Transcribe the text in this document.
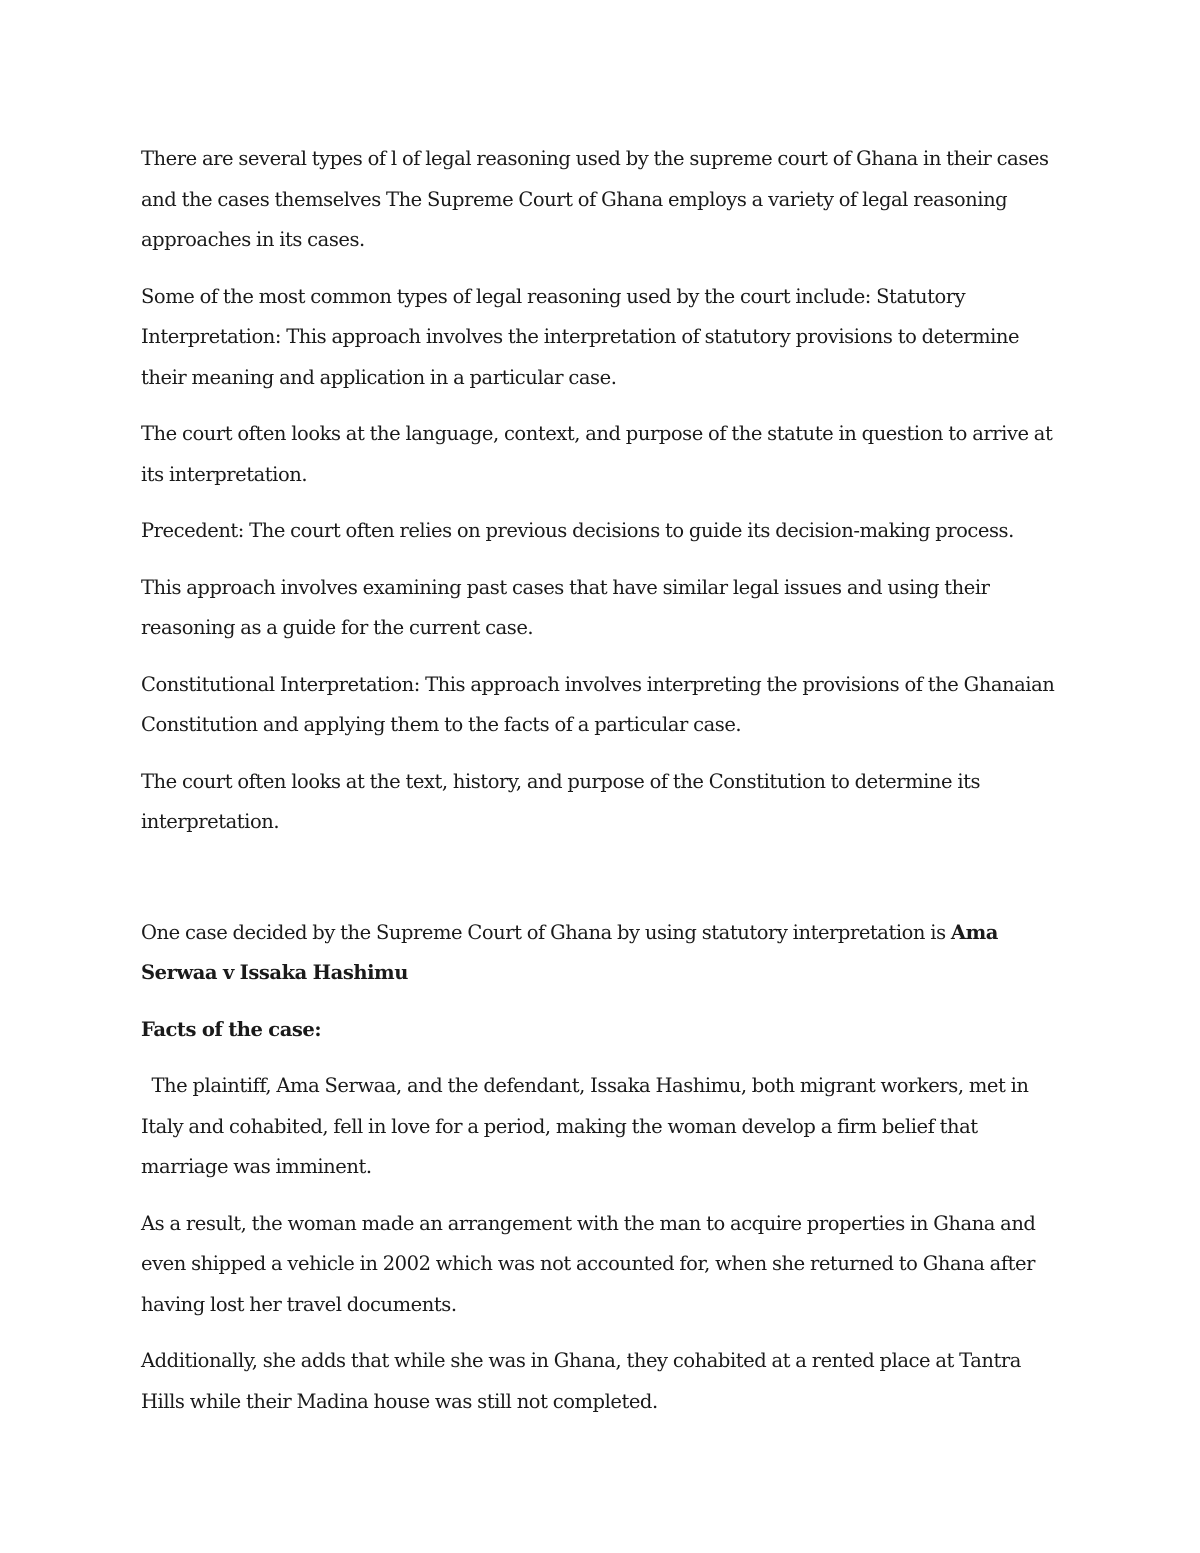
There are several types of l of legal reasoning used by the supreme court of Ghana in their cases and the cases themselves The Supreme Court of Ghana employs a variety of legal reasoning approaches in its cases.

Some of the most common types of legal reasoning used by the court include: Statutory Interpretation: This approach involves the interpretation of statutory provisions to determine their meaning and application in a particular case.

The court often looks at the language, context, and purpose of the statute in question to arrive at its interpretation.

Precedent: The court often relies on previous decisions to guide its decision-making process.

This approach involves examining past cases that have similar legal issues and using their reasoning as a guide for the current case.

Constitutional Interpretation: This approach involves interpreting the provisions of the Ghanaian Constitution and applying them to the facts of a particular case.

The court often looks at the text, history, and purpose of the Constitution to determine its interpretation.

One case decided by the Supreme Court of Ghana by using statutory interpretation is Ama Serwaa v Issaka Hashimu

Facts of the case:

The plaintiff, Ama Serwaa, and the defendant, Issaka Hashimu, both migrant workers, met in Italy and cohabited, fell in love for a period, making the woman develop a firm belief that marriage was imminent.

As a result, the woman made an arrangement with the man to acquire properties in Ghana and even shipped a vehicle in 2002 which was not accounted for, when she returned to Ghana after having lost her travel documents.

Additionally, she adds that while she was in Ghana, they cohabited at a rented place at Tantra Hills while their Madina house was still not completed.
